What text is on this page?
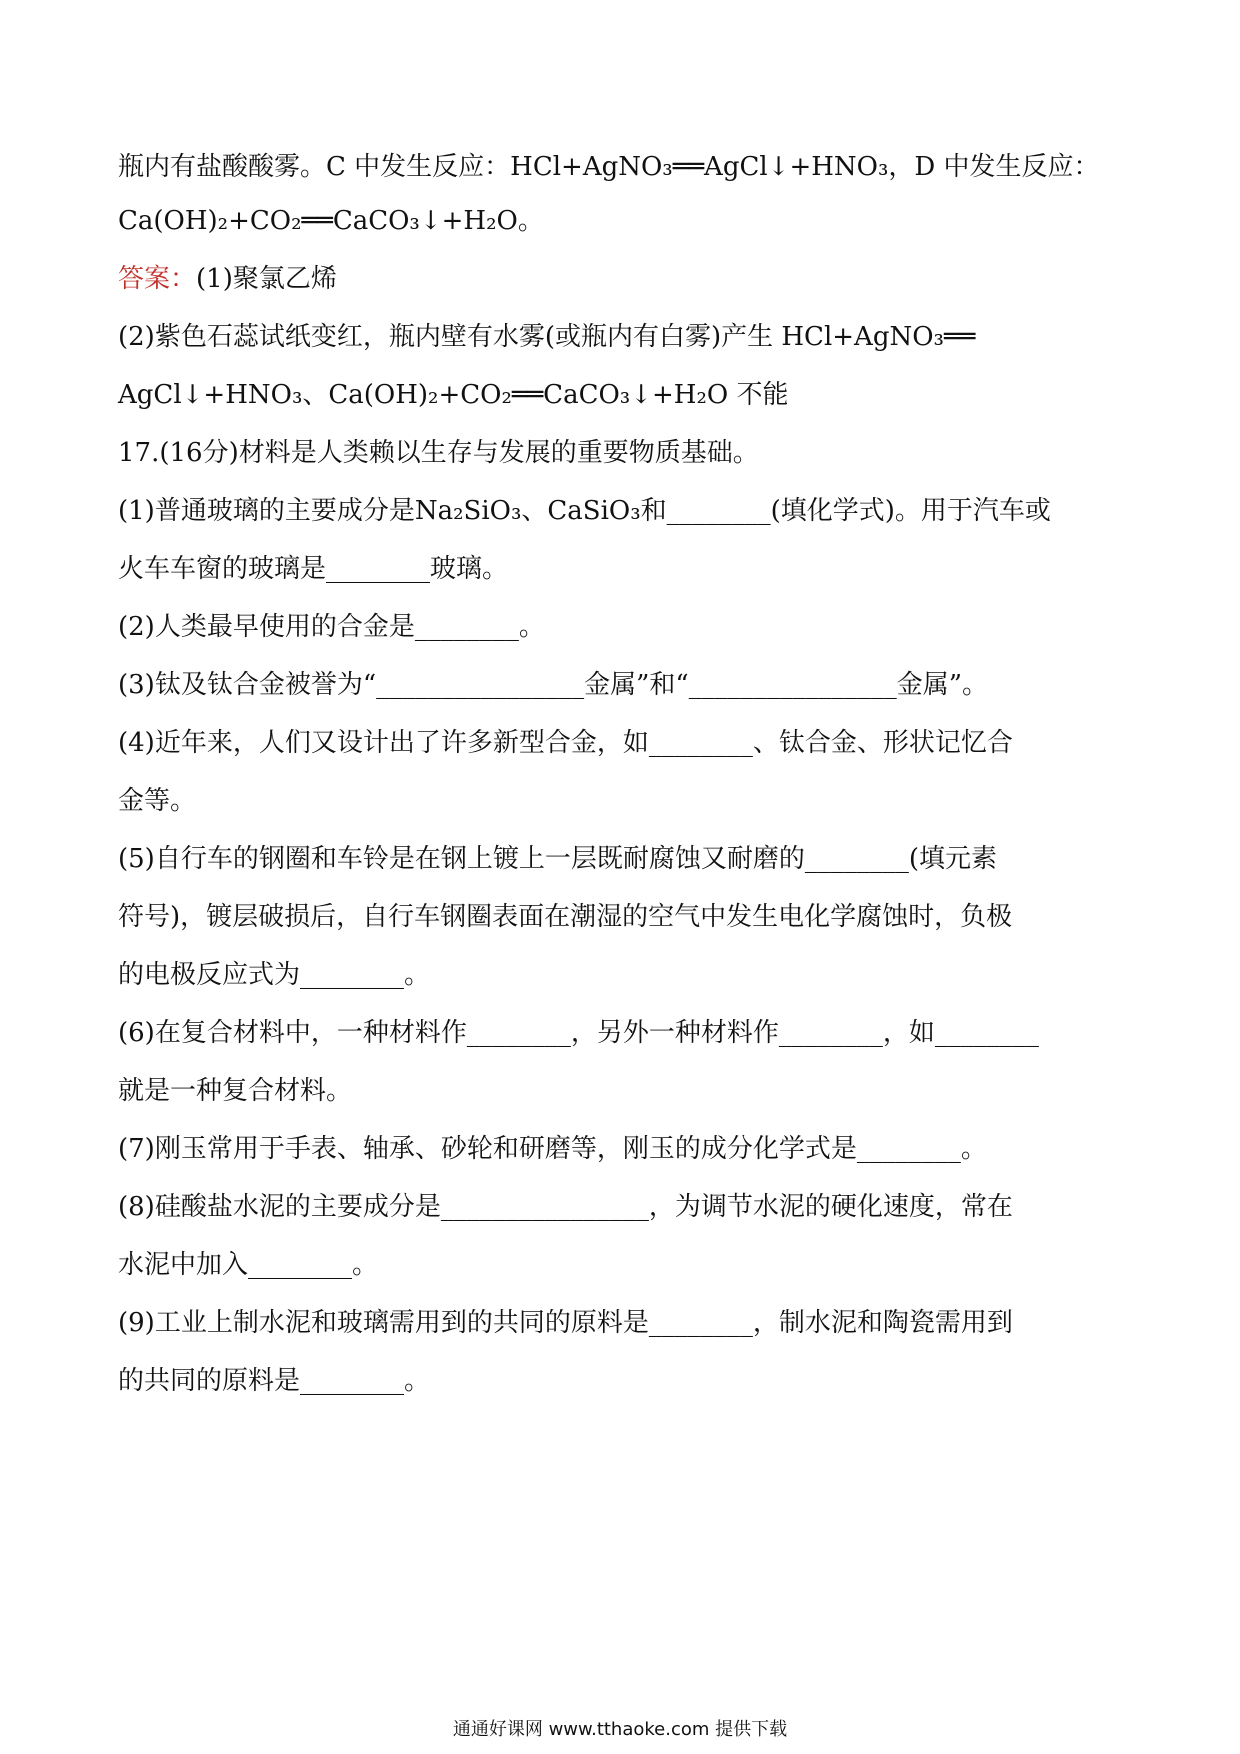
瓶内有盐酸酸雾。C 中发生反应：HCl+AgNO₃══AgCl↓+HNO₃，D 中发生反应：
Ca(OH)₂+CO₂══CaCO₃↓+H₂O。
答案：(1)聚氯乙烯
(2)紫色石蕊试纸变红，瓶内壁有水雾(或瓶内有白雾)产生 HCl+AgNO₃══
AgCl↓+HNO₃、Ca(OH)₂+CO₂══CaCO₃↓+H₂O 不能
17.(16分)材料是人类赖以生存与发展的重要物质基础。
(1)普通玻璃的主要成分是Na₂SiO₃、CaSiO₃和________(填化学式)。用于汽车或
火车车窗的玻璃是________玻璃。
(2)人类最早使用的合金是________。
(3)钛及钛合金被誉为“________________金属”和“________________金属”。
(4)近年来，人们又设计出了许多新型合金，如________、钛合金、形状记忆合
金等。
(5)自行车的钢圈和车铃是在钢上镀上一层既耐腐蚀又耐磨的________(填元素
符号)，镀层破损后，自行车钢圈表面在潮湿的空气中发生电化学腐蚀时，负极
的电极反应式为________。
(6)在复合材料中，一种材料作________，另外一种材料作________，如________
就是一种复合材料。
(7)刚玉常用于手表、轴承、砂轮和研磨等，刚玉的成分化学式是________。
(8)硅酸盐水泥的主要成分是________________，为调节水泥的硬化速度，常在
水泥中加入________。
(9)工业上制水泥和玻璃需用到的共同的原料是________，制水泥和陶瓷需用到
的共同的原料是________。
通通好课网 www.tthaoke.com 提供下载
